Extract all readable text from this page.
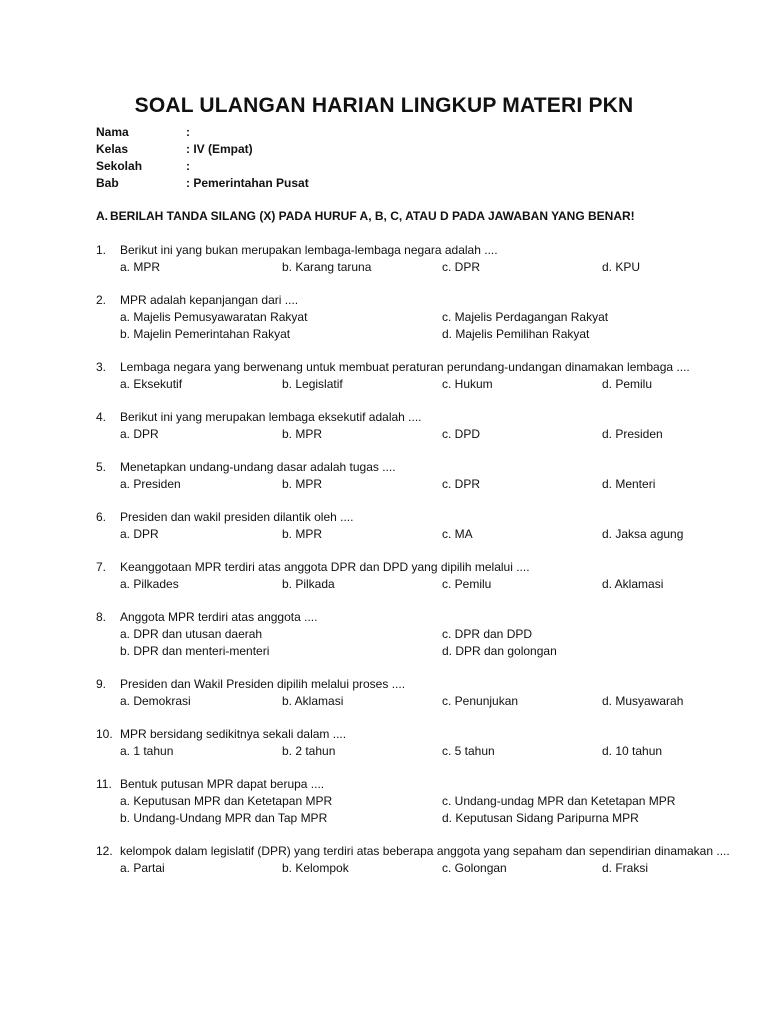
SOAL ULANGAN HARIAN LINGKUP MATERI PKN
Nama	:
Kelas	: IV (Empat)
Sekolah	:
Bab	: Pemerintahan Pusat
A. BERILAH TANDA SILANG (X) PADA HURUF A, B, C, ATAU D PADA JAWABAN YANG BENAR!
1. Berikut ini yang bukan merupakan lembaga-lembaga negara adalah ....
a. MPR	b. Karang taruna	c. DPR	d. KPU
2. MPR adalah kepanjangan dari ....
a. Majelis Pemusyawaratan Rakyat	c. Majelis Perdagangan Rakyat
b. Majelin Pemerintahan Rakyat	d. Majelis Pemilihan Rakyat
3. Lembaga negara yang berwenang untuk membuat peraturan perundang-undangan dinamakan lembaga ....
a. Eksekutif	b. Legislatif	c. Hukum	d. Pemilu
4. Berikut ini yang merupakan lembaga eksekutif adalah ....
a. DPR	b. MPR	c. DPD	d. Presiden
5. Menetapkan undang-undang dasar adalah tugas ....
a. Presiden	b. MPR	c. DPR	d. Menteri
6. Presiden dan wakil presiden dilantik oleh ....
a. DPR	b. MPR	c. MA	d. Jaksa agung
7. Keanggotaan MPR terdiri atas anggota DPR dan DPD yang dipilih melalui ....
a. Pilkades	b. Pilkada	c. Pemilu	d. Aklamasi
8. Anggota MPR terdiri atas anggota ....
a. DPR dan utusan daerah	c. DPR dan DPD
b. DPR dan menteri-menteri	d. DPR dan golongan
9. Presiden dan Wakil Presiden dipilih melalui proses ....
a. Demokrasi	b. Aklamasi	c. Penunjukan	d. Musyawarah
10. MPR bersidang sedikitnya sekali dalam ....
a. 1 tahun	b. 2 tahun	c. 5 tahun	d. 10 tahun
11. Bentuk putusan MPR dapat berupa ....
a. Keputusan MPR dan Ketetapan MPR	c. Undang-undag MPR dan Ketetapan MPR
b. Undang-Undang MPR dan Tap MPR	d. Keputusan Sidang Paripurna MPR
12. kelompok dalam legislatif (DPR) yang terdiri atas beberapa anggota yang sepaham dan sependirian dinamakan ....
a. Partai	b. Kelompok	c. Golongan	d. Fraksi
